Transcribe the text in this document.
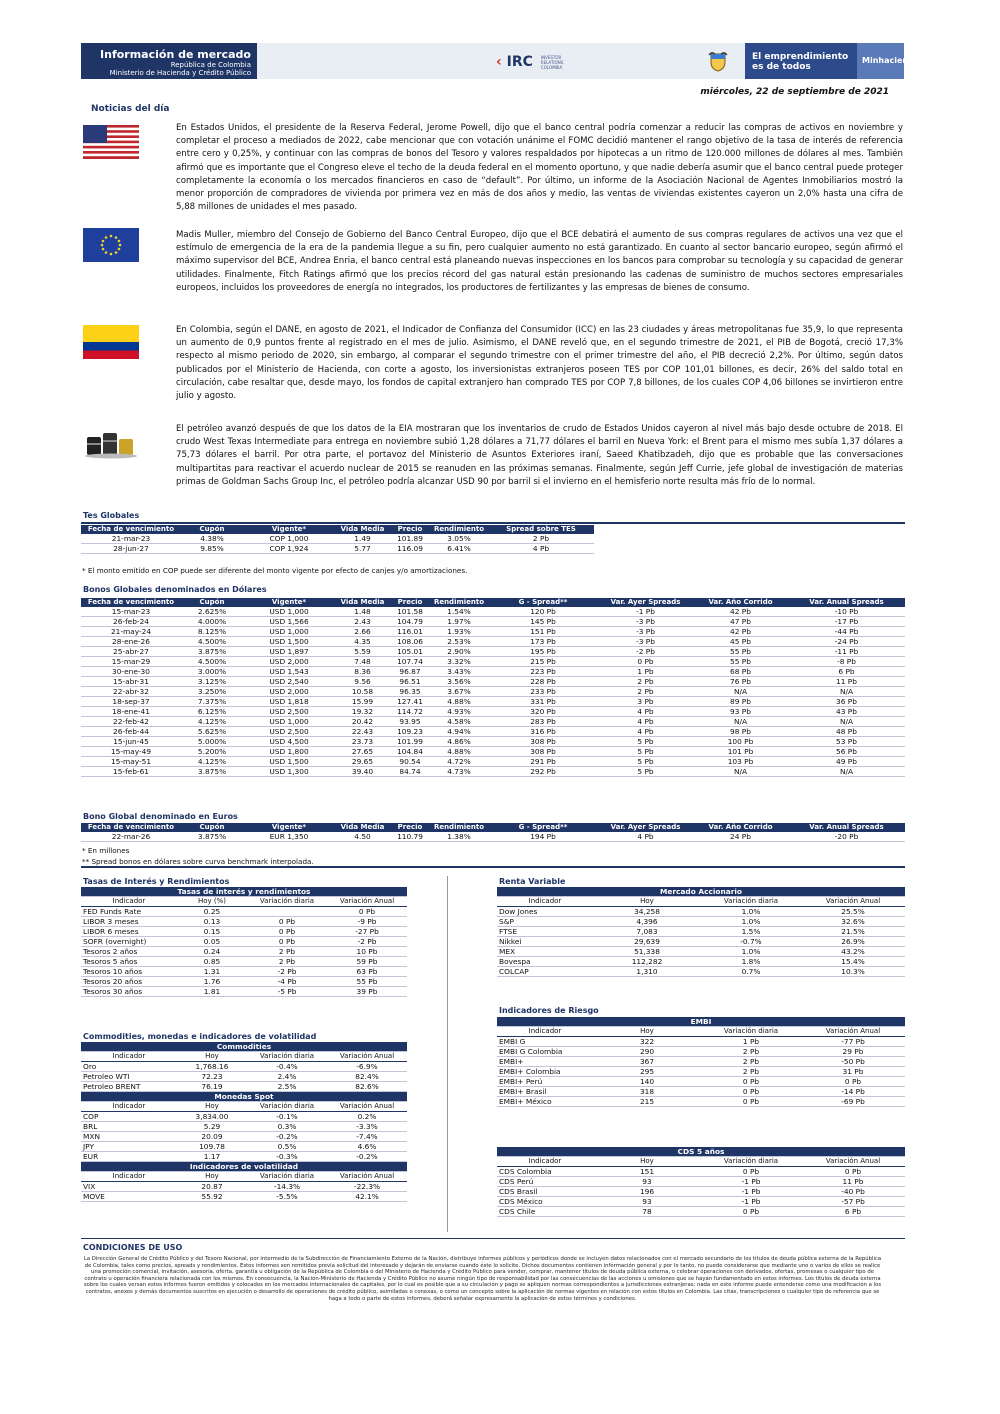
Información de mercado
República de Colombia
Ministerio de Hacienda y Crédito Público
‹ IRC INVESTOR RELATIONS COLOMBIA
El emprendimiento
es de todos
Minhacienda
miércoles, 22 de septiembre de 2021
Noticias del día
En Estados Unidos, el presidente de la Reserva Federal, Jerome Powell, dijo que el banco central podría comenzar a reducir las compras de activos en noviembre y completar el proceso a mediados de 2022, cabe mencionar que con votación unánime el FOMC decidió mantener el rango objetivo de la tasa de interés de referencia entre cero y 0,25%, y continuar con las compras de bonos del Tesoro y valores respaldados por hipotecas a un ritmo de 120.000 millones de dólares al mes. También afirmó que es importante que el Congreso eleve el techo de la deuda federal en el momento oportuno, y que nadie debería asumir que el banco central puede proteger completamente la economía o los mercados financieros en caso de “default”. Por último, un informe de la Asociación Nacional de Agentes Inmobiliarios mostró la menor proporción de compradores de vivienda por primera vez en más de dos años y medio, las ventas de viviendas existentes cayeron un 2,0% hasta una cifra de 5,88 millones de unidades el mes pasado.
Madis Muller, miembro del Consejo de Gobierno del Banco Central Europeo, dijo que el BCE debatirá el aumento de sus compras regulares de activos una vez que el estímulo de emergencia de la era de la pandemia llegue a su fin, pero cualquier aumento no está garantizado. En cuanto al sector bancario europeo, según afirmó el máximo supervisor del BCE, Andrea Enria, el banco central está planeando nuevas inspecciones en los bancos para comprobar su tecnología y su capacidad de generar utilidades. Finalmente, Fitch Ratings afirmó que los precios récord del gas natural están presionando las cadenas de suministro de muchos sectores empresariales europeos, incluidos los proveedores de energía no integrados, los productores de fertilizantes y las empresas de bienes de consumo.
En Colombia, según el DANE, en agosto de 2021, el Indicador de Confianza del Consumidor (ICC) en las 23 ciudades y áreas metropolitanas fue 35,9, lo que representa un aumento de 0,9 puntos frente al registrado en el mes de julio. Asimismo, el DANE reveló que, en el segundo trimestre de 2021, el PIB de Bogotá, creció 17,3% respecto al mismo periodo de 2020, sin embargo, al comparar el segundo trimestre con el primer trimestre del año, el PIB decreció 2,2%. Por último, según datos publicados por el Ministerio de Hacienda, con corte a agosto, los inversionistas extranjeros poseen TES por COP 101,01 billones, es decir, 26% del saldo total en circulación, cabe resaltar que, desde mayo, los fondos de capital extranjero han comprado TES por COP 7,8 billones, de los cuales COP 4,06 billones se invirtieron entre julio y agosto.
El petróleo avanzó después de que los datos de la EIA mostraran que los inventarios de crudo de Estados Unidos cayeron al nivel más bajo desde octubre de 2018. El crudo West Texas Intermediate para entrega en noviembre subió 1,28 dólares a 71,77 dólares el barril en Nueva York: el Brent para el mismo mes subía 1,37 dólares a 75,73 dólares el barril. Por otra parte, el portavoz del Ministerio de Asuntos Exteriores iraní, Saeed Khatibzadeh, dijo que es probable que las conversaciones multipartitas para reactivar el acuerdo nuclear de 2015 se reanuden en las próximas semanas. Finalmente, según Jeff Currie, jefe global de investigación de materias primas de Goldman Sachs Group Inc, el petróleo podría alcanzar USD 90 por barril si el invierno en el hemisferio norte resulta más frío de lo normal.
Tes Globales
Fecha de vencimiento	Cupón	Vigente*	Vida Media	Precio	Rendimiento	Spread sobre TES
21-mar-23	4.38%	COP 1,000	1.49	101.89	3.05%	2 Pb
28-jun-27	9.85%	COP 1,924	5.77	116.09	6.41%	4 Pb
* El monto emitido en COP puede ser diferente del monto vigente por efecto de canjes y/o amortizaciones.
Bonos Globales denominados en Dólares
Fecha de vencimiento	Cupón	Vigente*	Vida Media	Precio	Rendimiento	G - Spread**	Var. Ayer Spreads	Var. Año Corrido	Var. Anual Spreads
15-mar-23	2.625%	USD 1,000	1.48	101.58	1.54%	120 Pb	-1 Pb	42 Pb	-10 Pb
26-feb-24	4.000%	USD 1,566	2.43	104.79	1.97%	145 Pb	-3 Pb	47 Pb	-17 Pb
21-may-24	8.125%	USD 1,000	2.66	116.01	1.93%	151 Pb	-3 Pb	42 Pb	-44 Pb
28-ene-26	4.500%	USD 1,500	4.35	108.06	2.53%	173 Pb	-3 Pb	45 Pb	-24 Pb
25-abr-27	3.875%	USD 1,897	5.59	105.01	2.90%	195 Pb	-2 Pb	55 Pb	-11 Pb
15-mar-29	4.500%	USD 2,000	7.48	107.74	3.32%	215 Pb	0 Pb	55 Pb	-8 Pb
30-ene-30	3.000%	USD 1,543	8.36	96.87	3.43%	223 Pb	1 Pb	68 Pb	6 Pb
15-abr-31	3.125%	USD 2,540	9.56	96.51	3.56%	228 Pb	2 Pb	76 Pb	11 Pb
22-abr-32	3.250%	USD 2,000	10.58	96.35	3.67%	233 Pb	2 Pb	N/A	N/A
18-sep-37	7.375%	USD 1,818	15.99	127.41	4.88%	331 Pb	3 Pb	89 Pb	36 Pb
18-ene-41	6.125%	USD 2,500	19.32	114.72	4.93%	320 Pb	4 Pb	93 Pb	43 Pb
22-feb-42	4.125%	USD 1,000	20.42	93.95	4.58%	283 Pb	4 Pb	N/A	N/A
26-feb-44	5.625%	USD 2,500	22.43	109.23	4.94%	316 Pb	4 Pb	98 Pb	48 Pb
15-jun-45	5.000%	USD 4,500	23.73	101.99	4.86%	308 Pb	5 Pb	100 Pb	53 Pb
15-may-49	5.200%	USD 1,800	27.65	104.84	4.88%	308 Pb	5 Pb	101 Pb	56 Pb
15-may-51	4.125%	USD 1,500	29.65	90.54	4.72%	291 Pb	5 Pb	103 Pb	49 Pb
15-feb-61	3.875%	USD 1,300	39.40	84.74	4.73%	292 Pb	5 Pb	N/A	N/A
Bono Global denominado en Euros
Fecha de vencimiento	Cupón	Vigente*	Vida Media	Precio	Rendimiento	G - Spread**	Var. Ayer Spreads	Var. Año Corrido	Var. Anual Spreads
22-mar-26	3.875%	EUR 1,350	4.50	110.79	1.38%	194 Pb	4 Pb	24 Pb	-20 Pb
* En millones
** Spread bonos en dólares sobre curva benchmark interpolada.
Tasas de Interés y Rendimientos
Tasas de interés y rendimientos			
Indicador	Hoy (%)	Variación diaria	Variación Anual
FED Funds Rate	0.25		0 Pb
LIBOR 3 meses	0.13	0 Pb	-9 Pb
LIBOR 6 meses	0.15	0 Pb	-27 Pb
SOFR (overnight)	0.05	0 Pb	-2 Pb
Tesoros 2 años	0.24	2 Pb	10 Pb
Tesoros 5 años	0.85	2 Pb	59 Pb
Tesoros 10 años	1.31	-2 Pb	63 Pb
Tesoros 20 años	1.76	-4 Pb	55 Pb
Tesoros 30 años	1.81	-5 Pb	39 Pb
Commodities, monedas e indicadores de volatilidad
Commodities			
Indicador	Hoy	Variación diaria	Variación Anual
Oro	1,768.16	-0.4%	-6.9%
Petroleo WTI	72.23	2.4%	82.4%
Petroleo BRENT	76.19	2.5%	82.6%
Monedas Spot			
Indicador	Hoy	Variación diaria	Variación Anual
COP	3,834.00	-0.1%	0.2%
BRL	5.29	0.3%	-3.3%
MXN	20.09	-0.2%	-7.4%
JPY	109.78	0.5%	4.6%
EUR	1.17	-0.3%	-0.2%
Indicadores de volatilidad			
Indicador	Hoy	Variación diaria	Variación Anual
VIX	20.87	-14.3%	-22.3%
MOVE	55.92	-5.5%	42.1%
Renta Variable
Mercado Accionario			
Indicador	Hoy	Variación diaria	Variación Anual
Dow Jones	34,258	1.0%	25.5%
S&P	4,396	1.0%	32.6%
FTSE	7,083	1.5%	21.5%
Nikkei	29,639	-0.7%	26.9%
MEX	51,338	1.0%	43.2%
Bovespa	112,282	1.8%	15.4%
COLCAP	1,310	0.7%	10.3%
Indicadores de Riesgo
EMBI			
Indicador	Hoy	Variación diaria	Variación Anual
EMBI G	322	1 Pb	-77 Pb
EMBI G Colombia	290	2 Pb	29 Pb
EMBI+	367	2 Pb	-50 Pb
EMBI+ Colombia	295	2 Pb	31 Pb
EMBI+ Perú	140	0 Pb	0 Pb
EMBI+ Brasil	318	0 Pb	-14 Pb
EMBI+ México	215	0 Pb	-69 Pb
CDS 5 años			
Indicador	Hoy	Variación diaria	Variación Anual
CDS Colombia	151	0 Pb	0 Pb
CDS Perú	93	-1 Pb	11 Pb
CDS Brasil	196	-1 Pb	-40 Pb
CDS México	93	-1 Pb	-57 Pb
CDS Chile	78	0 Pb	6 Pb
CONDICIONES DE USO
La Dirección General de Crédito Público y del Tesoro Nacional, por intermedio de la Subdirección de Financiamiento Externo de la Nación, distribuye informes públicos y periódicos donde se incluyen datos relacionados con el mercado secundario de los títulos de deuda pública externa de la República de Colombia, tales como precios, spreads y rendimientos. Estos informes son remitidos previa solicitud del interesado y dejarán de enviarse cuando éste lo solicite. Dichos documentos contienen información general y por lo tanto, no puede considerarse que mediante uno o varios de ellos se realice una promoción comercial, invitación, asesoría, oferta, garantía u obligación de la República de Colombia o del Ministerio de Hacienda y Crédito Público para vender, comprar, mantener títulos de deuda pública externa, o celebrar operaciones con derivados, ofertas, promesas o cualquier tipo de contrato u operación financiera relacionada con los mismos. En consecuencia, la Nación-Ministerio de Hacienda y Crédito Público no asume ningún tipo de responsabilidad por las consecuencias de las acciones u omisiones que se hayan fundamentado en estos informes. Los títulos de deuda externa sobre los cuales versan estos informes fueron emitidos y colocados en los mercados internacionales de capitales, por lo cual es posible que a su circulación y pago se apliquen normas correspondientes a jurisdicciones extranjeras; nada en este informe puede entenderse como una modificación a los contratos, anexos y demás documentos suscritos en ejecución o desarrollo de operaciones de crédito público, asimiladas o conexas, o como un concepto sobre la aplicación de normas vigentes en relación con estos títulos en Colombia. Las citas, transcripciones o cualquier tipo de referencia que se haga a todo o parte de estos informes, deberá señalar expresamente la aplicación de estos términos y condiciones.
